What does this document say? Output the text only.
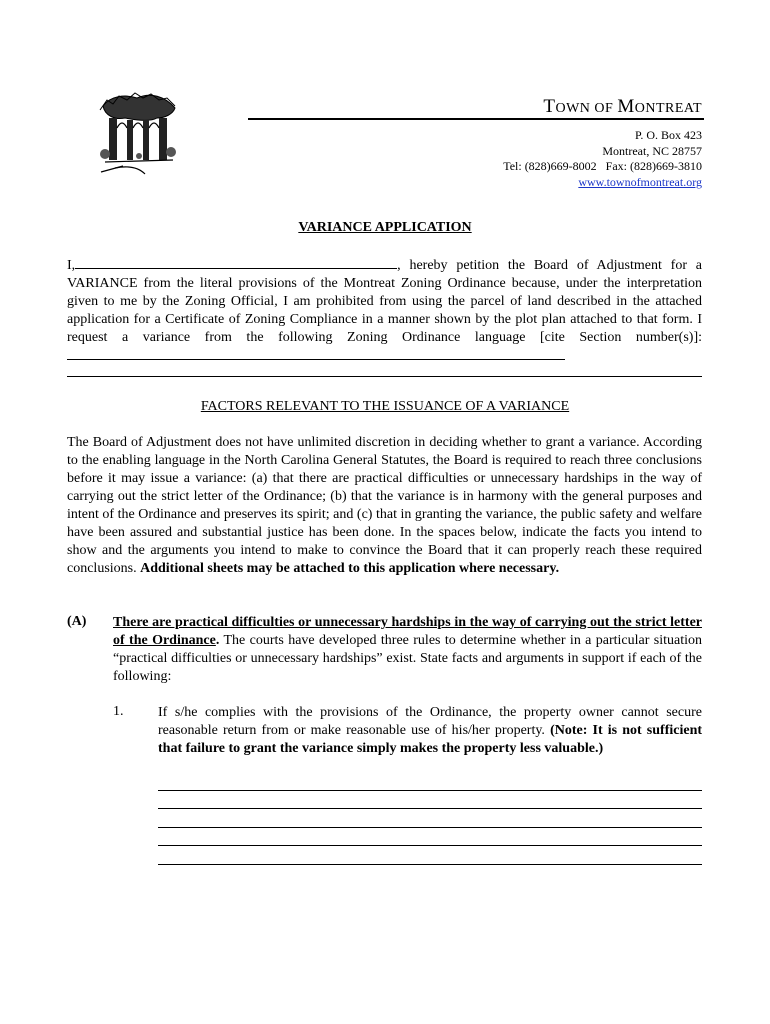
TOWN OF MONTREAT
P. O. Box 423
Montreat, NC 28757
Tel: (828)669-8002   Fax: (828)669-3810
www.townofmontreat.org
VARIANCE APPLICATION

I,	, hereby petition the Board of Adjustment for a VARIANCE from the literal provisions of the Montreat Zoning Ordinance because, under the interpretation given to me by the Zoning Official, I am prohibited from using the parcel of land described in the attached application for a Certificate of Zoning Compliance in a manner shown by the plot plan attached to that form. I request a variance from the following Zoning Ordinance language [cite Section number(s)]:

FACTORS RELEVANT TO THE ISSUANCE OF A VARIANCE

The Board of Adjustment does not have unlimited discretion in deciding whether to grant a variance. According to the enabling language in the North Carolina General Statutes, the Board is required to reach three conclusions before it may issue a variance: (a) that there are practical difficulties or unnecessary hardships in the way of carrying out the strict letter of the Ordinance; (b) that the variance is in harmony with the general purposes and intent of the Ordinance and preserves its spirit; and (c) that in granting the variance, the public safety and welfare have been assured and substantial justice has been done. In the spaces below, indicate the facts you intend to show and the arguments you intend to make to convince the Board that it can properly reach these required conclusions. Additional sheets may be attached to this application where necessary.

(A) There are practical difficulties or unnecessary hardships in the way of carrying out the strict letter of the Ordinance. The courts have developed three rules to determine whether in a particular situation “practical difficulties or unnecessary hardships” exist. State facts and arguments in support if each of the following:
1. If s/he complies with the provisions of the Ordinance, the property owner cannot secure reasonable return from or make reasonable use of his/her property. (Note: It is not sufficient that failure to grant the variance simply makes the property less valuable.)
